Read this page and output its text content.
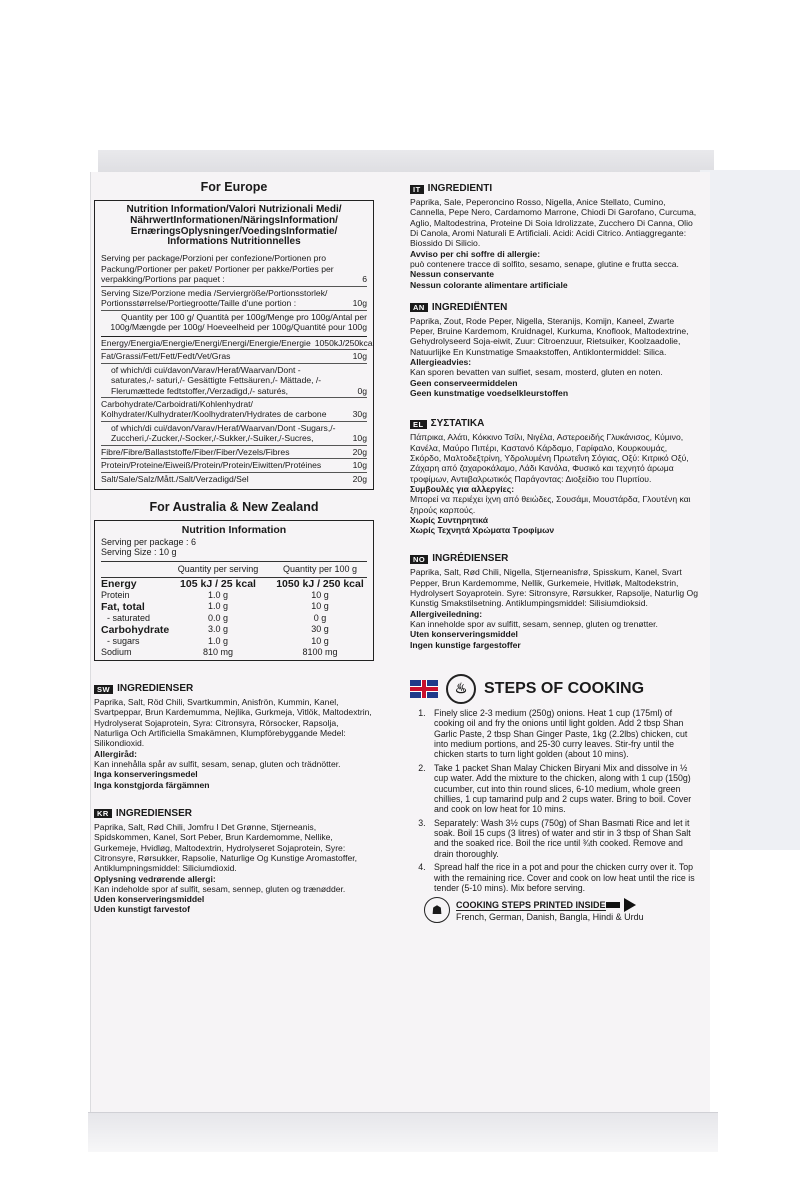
For Europe
Nutrition Information/Valori Nutrizionali Medi/ NährwertInformationen/NäringsInformation/ ErnæringsOplysninger/VoedingsInformatie/ Informations Nutritionnelles
Serving per package/Porzioni per confezione/Portionen pro Packung/Portioner per paket/ Portioner per pakke/Porties per verpakking/Portions par paquet :	6
Serving Size/Porzione media /Serviergröße/Portionsstorlek/ Portionsstørrelse/Portiegrootte/Taille d'une portion :	10g
Quantity per 100 g/ Quantità per 100g/Menge pro 100g/Antal per 100g/Mængde per 100g/ Hoeveelheid per 100g/Quantité pour 100g
Energy/Energia/Energie/Energi/Energi/Energie/Energie 1050kJ/250kcal
Fat/Grassi/Fett/Fett/Fedt/Vet/Gras	10g
of which/di cui/davon/Varav/Heraf/Waarvan/Dont -saturates,/- saturi,/- Gesättigte Fettsäuren,/- Mättade, /-Flerumættede fedtstoffer,/Verzadigd,/- saturés,	0g
Carbohydrate/Carboidrati/Kohlenhydrat/ Kolhydrater/Kulhydrater/Koolhydraten/Hydrates de carbone	30g
of which/di cui/davon/Varav/Heraf/Waarvan/Dont -Sugars,/-Zuccheri,/-Zucker,/-Socker,/-Sukker,/-Suiker,/-Sucres,	10g
Fibre/Fibre/Ballaststoffe/Fiber/Fiber/Vezels/Fibres	20g
Protein/Proteine/Eiweiß/Protein/Protein/Eiwitten/Protéines	10g
Salt/Sale/Salz/Mått./Salt/Verzadigd/Sel	20g
For Australia & New Zealand
Nutrition Information
Serving per package : 6
Serving Size : 10 g
Quantity per serving	Quantity per 100 g
Energy	105 kJ / 25 kcal	1050 kJ / 250 kcal
Protein	1.0 g	10 g
Fat, total	1.0 g	10 g
- saturated	0.0 g	0 g
Carbohydrate	3.0 g	30 g
- sugars	1.0 g	10 g
Sodium	810 mg	8100 mg
SW INGREDIENSER
Paprika, Salt, Röd Chili, Svartkummin, Anisfrön, Kummin, Kanel, Svartpeppar, Brun Kardemumma, Nejlika, Gurkmeja, Vitlök, Maltodextrin, Hydrolyserat Sojaprotein, Syra: Citronsyra, Rörsocker, Rapsolja, Naturliga Och Artificiella Smakämnen, Klumpförebyggande Medel: Silikondioxid.
Allergiråd:
Kan innehålla spår av sulfit, sesam, senap, gluten och trädnötter.
Inga konserveringsmedel
Inga konstgjorda färgämnen
KR INGREDIENSER
Paprika, Salt, Rød Chili, Jomfru I Det Grønne, Stjerneanis, Spidskommen, Kanel, Sort Peber, Brun Kardemomme, Nellike, Gurkemeje, Hvidløg, Maltodextrin, Hydrolyseret Sojaprotein, Syre: Citronsyre, Rørsukker, Rapsolie, Naturlige Og Kunstige Aromastoffer, Antiklumpningsmiddel: Siliciumdioxid.
Oplysning vedrørende allergi:
Kan indeholde spor af sulfit, sesam, sennep, gluten og trænødder.
Uden konserveringsmiddel
Uden kunstigt farvestof
IT INGREDIENTI
Paprika, Sale, Peperoncino Rosso, Nigella, Anice Stellato, Cumino, Cannella, Pepe Nero, Cardamomo Marrone, Chiodi Di Garofano, Curcuma, Aglio, Maltodestrina, Proteine Di Soia Idrolizzate, Zucchero Di Canna, Olio Di Canola, Aromi Naturali E Artificiali. Acidi: Acidi Citrico. Antiaggregante: Biossido Di Silicio.
Avviso per chi soffre di allergie:
può contenere tracce di solfito, sesamo, senape, glutine e frutta secca.
Nessun conservante
Nessun colorante alimentare artificiale
AN INGREDIËNTEN
Paprika, Zout, Rode Peper, Nigella, Steranijs, Komijn, Kaneel, Zwarte Peper, Bruine Kardemom, Kruidnagel, Kurkuma, Knoflook, Maltodextrine, Gehydrolyseerd Soja-eiwit, Zuur: Citroenzuur, Rietsuiker, Koolzaadolie, Natuurlijke En Kunstmatige Smaakstoffen, Antiklontermiddel: Silica.
Allergieadvies:
Kan sporen bevatten van sulfiet, sesam, mosterd, gluten en noten.
Geen conserveermiddelen
Geen kunstmatige voedselkleurstoffen
EL ΣΥΣΤΑΤΙΚΑ
Πάπρικα, Αλάτι, Κόκκινο Τσίλι, Νιγέλα, Αστεροειδής Γλυκάνισος, Κύμινο, Κανέλα, Μαύρο Πιπέρι, Καστανό Κάρδαμο, Γαρίφαλο, Κουρκουμάς, Σκόρδο, Μαλτοδεξτρίνη, Υδρολυμένη Πρωτεΐνη Σόγιας, Οξύ: Κιτρικό Οξύ, Ζάχαρη από ζαχαροκάλαμο, Λάδι Κανόλα, Φυσικό και τεχνητό άρωμα τροφίμων, Αντιιβαλρωτικός Παράγοντας: Διοξείδιο του Πυριτίου.
Συμβουλές για αλλεργίες:
Μπορεί να περιέχει ίχνη από θειώδες, Σουσάμι, Μουστάρδα, Γλουτένη και ξηρούς καρπούς.
Χωρίς Συντηρητικά
Χωρίς Τεχνητά Χρώματα Τροφίμων
NO INGRÉDIENSER
Paprika, Salt, Rød Chili, Nigella, Stjerneanisfrø, Spisskum, Kanel, Svart Pepper, Brun Kardemomme, Nellik, Gurkemeie, Hvitløk, Maltodekstrin, Hydrolysert Soyaprotein. Syre: Sitronsyre, Rørsukker, Rapsolje, Naturlig Og Kunstig Smakstilsetning. Antiklumpingsmiddel: Silisiumdioksid.
Allergiveiledning:
Kan inneholde spor av sulfitt, sesam, sennep, gluten og trenøtter.
Uten konserveringsmiddel
Ingen kunstige fargestoffer
♨	STEPS OF COOKING
1. Finely slice 2-3 medium (250g) onions. Heat 1 cup (175ml) of cooking oil and fry the onions until light golden. Add 2 tbsp Shan Garlic Paste, 2 tbsp Shan Ginger Paste, 1kg (2.2lbs) chicken, cut into medium portions, and 25-30 curry leaves. Stir-fry until the chicken starts to turn light golden (about 10 mins).
2. Take 1 packet Shan Malay Chicken Biryani Mix and dissolve in ½ cup water. Add the mixture to the chicken, along with 1 cup (150g) cucumber, cut into thin round slices, 6-10 medium, whole green chillies, 1 cup tamarind pulp and 2 cups water. Bring to boil. Cover and cook on low heat for 10 mins.
3. Separately: Wash 3½ cups (750g) of Shan Basmati Rice and let it soak. Boil 15 cups (3 litres) of water and stir in 3 tbsp of Shan Salt and the soaked rice. Boil the rice until ¾th cooked. Remove and drain thoroughly.
4. Spread half the rice in a pot and pour the chicken curry over it. Top with the remaining rice. Cover and cook on low heat until the rice is tender (5-10 mins). Mix before serving.
☗	COOKING STEPS PRINTED INSIDE
French, German, Danish, Bangla, Hindi & Urdu
